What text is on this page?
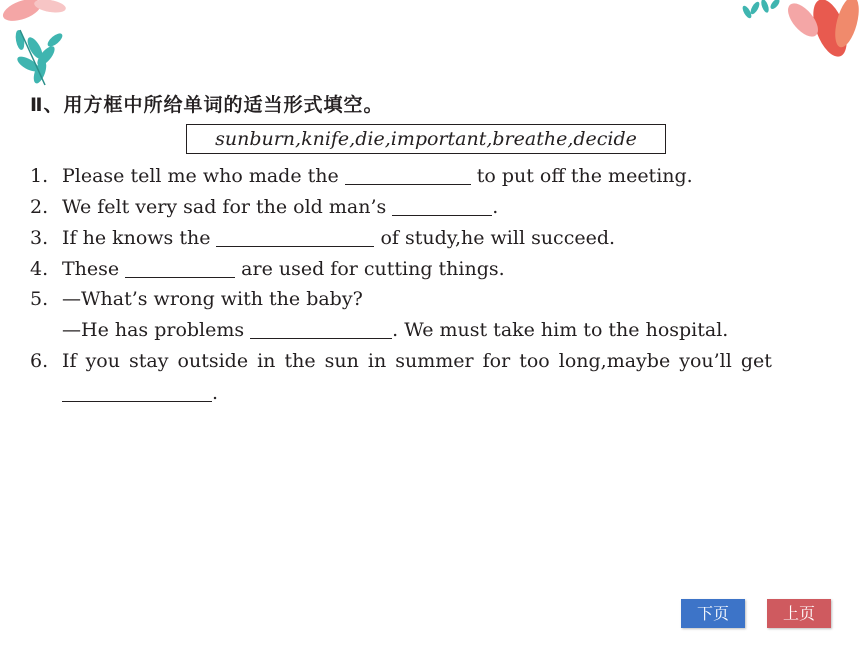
Ⅱ、用方框中所给单词的适当形式填空。
sunburn,knife,die,important,breathe,decide
1. Please tell me who made the	to put off the meeting.
2. We felt very sad for the old man’s	.
3. If he knows the	of study,he will succeed.
4. These	are used for cutting things.
5. —What’s wrong with the baby?
—He has problems	. We must take him to the hospital.
6. If you stay outside in the sun in summer for too long,maybe you’ll get
.
下页	上页
